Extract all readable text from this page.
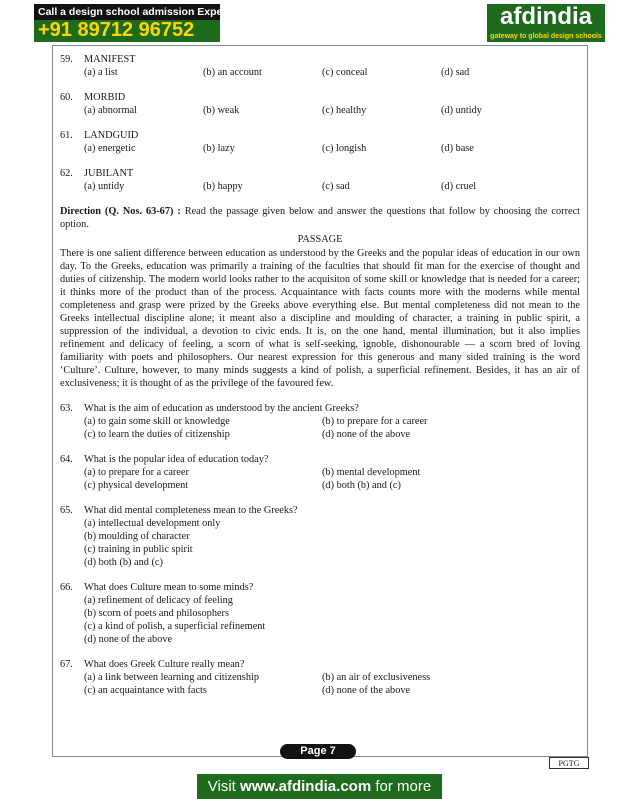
Call a design school admission Expert on
+91 89712 96752	afdindia
gateway to global design schools
59.	MANIFEST
(a) a list	(b) an account	(c) conceal	(d) sad
60.	MORBID
(a) abnormal	(b) weak	(c) healthy	(d) untidy
61.	LANDGUID
(a) energetic	(b) lazy	(c) longish	(d) base
62.	JUBILANT
(a) untidy	(b) happy	(c) sad	(d) cruel
Direction (Q. Nos. 63-67) : Read the passage given below and answer the questions that follow by choosing the correct option.
PASSAGE
There is one salient difference between education as understood by the Greeks and the popular ideas of education in our own day. To the Greeks, education was primarily a training of the faculties that should fit man for the exercise of thought and duties of citizenship. The modern world looks rather to the acquisiton of some skill or knowledge that is needed for a career; it thinks more of the product than of the process. Acquaintance with facts counts more with the moderns while mental completeness and grasp were prized by the Greeks above everything else. But mental completeness did not mean to the Greeks intellectual discipline alone; it meant also a discipline and moulding of character, a training in public spirit, a suppression of the individual, a devotion to civic ends. It is, on the one hand, mental illumination, but it also implies refinement and delicacy of feeling, a scorn of what is self-seeking, ignoble, dishonourable — a scorn bred of loving familiarity with poets and philosophers. Our nearest expression for this generous and many sided training is the word ‘Culture’. Culture, however, to many minds suggests a kind of polish, a superficial refinement. Besides, it has an air of exclusiveness; it is thought of as the privilege of the favoured few.
63.	What is the aim of education as understood by the ancient Greeks?
(a) to gain some skill or knowledge	(b) to prepare for a career
(c) to learn the duties of citizenship	(d) none of the above
64.	What is the popular idea of education today?
(a) to prepare for a career	(b) mental development
(c) physical development	(d) both (b) and (c)
65.	What did mental completeness mean to the Greeks?
(a) intellectual development only
(b) moulding of character
(c) training in public spirit
(d) both (b) and (c)
66.	What does Culture mean to some minds?
(a) refinement of delicacy of feeling
(b) scorn of poets and philosophers
(c) a kind of polish, a superficial refinement
(d) none of the above
67.	What does Greek Culture really mean?
(a) a link between learning and citizenship	(b) an air of exclusiveness
(c) an acquaintance with facts	(d) none of the above
Page 7
PGTG
Visit www.afdindia.com for more
